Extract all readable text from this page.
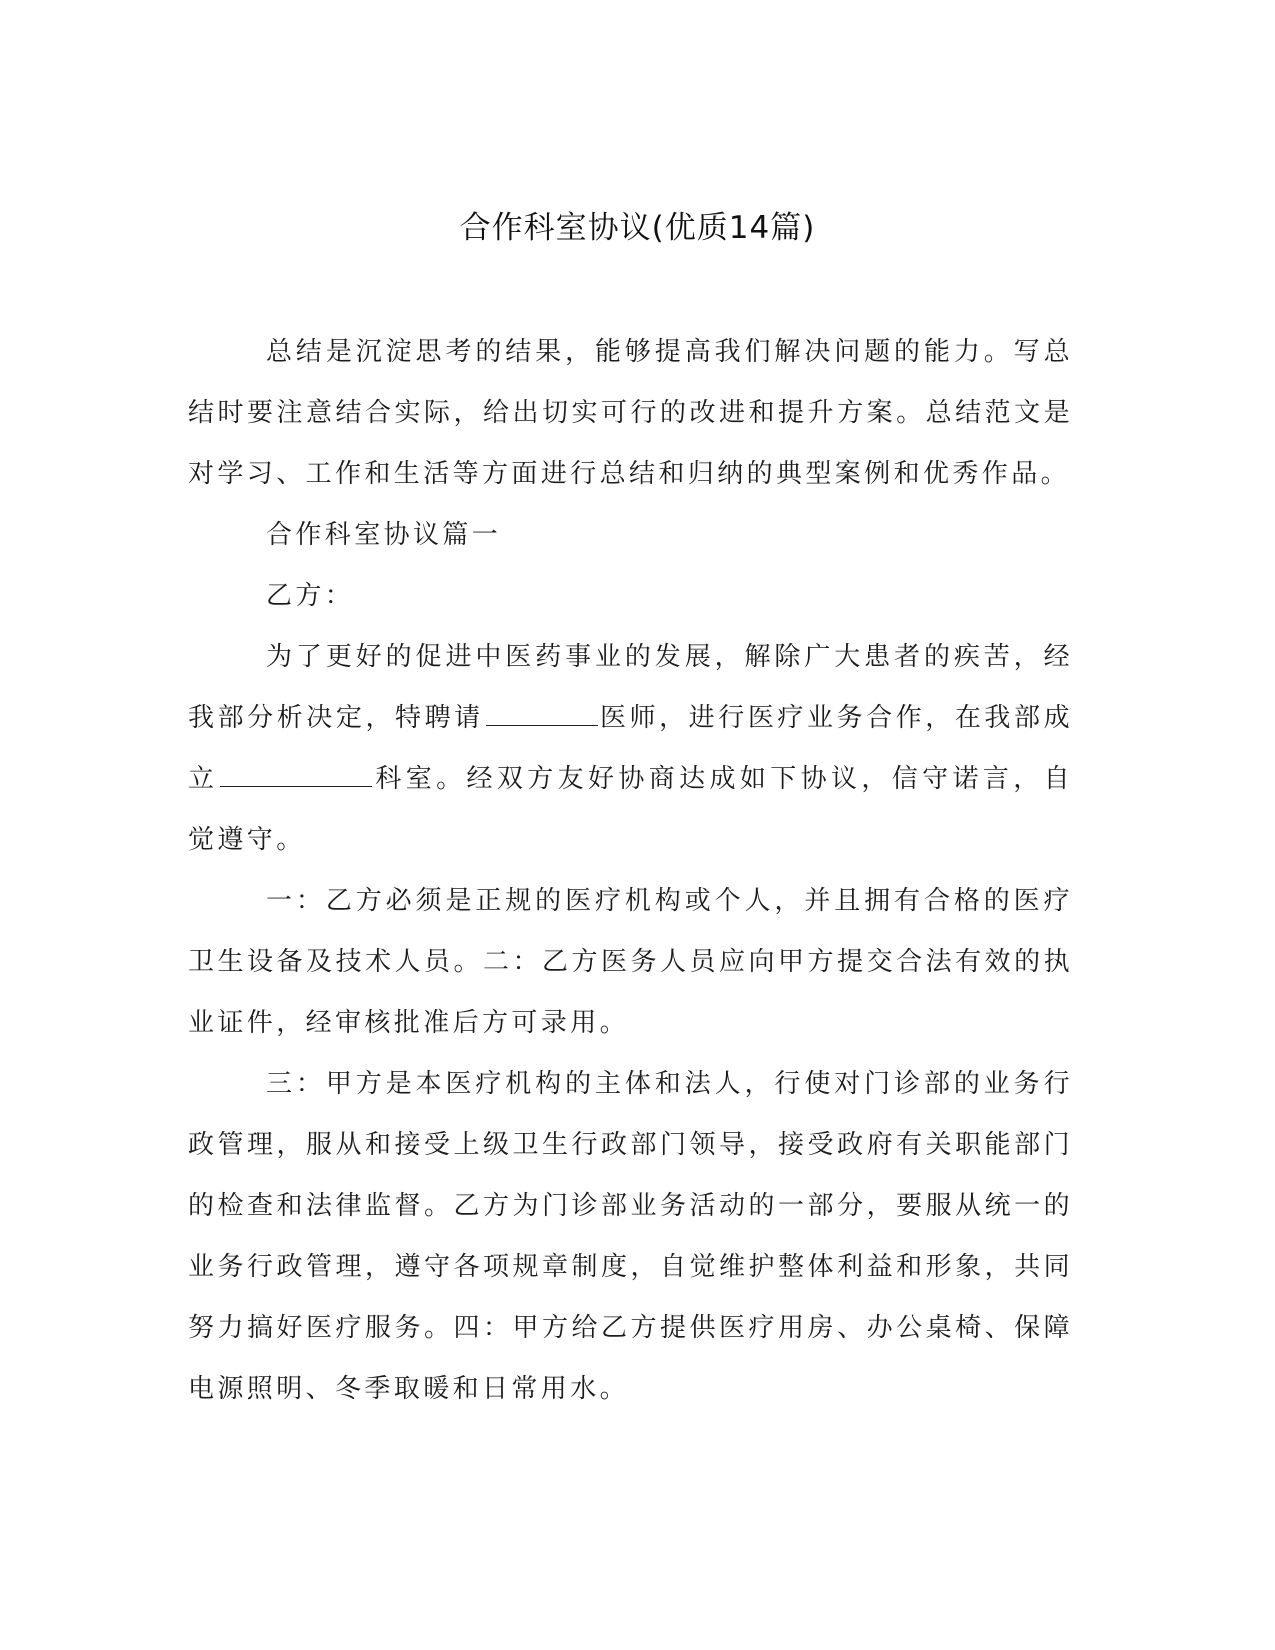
合作科室协议(优质14篇)

总结是沉淀思考的结果，能够提高我们解决问题的能力。写总结时要注意结合实际，给出切实可行的改进和提升方案。总结范文是对学习、工作和生活等方面进行总结和归纳的典型案例和优秀作品。

合作科室协议篇一

乙方：

为了更好的促进中医药事业的发展，解除广大患者的疾苦，经我部分析决定，特聘请	医师，进行医疗业务合作，在我部成立	科室。经双方友好协商达成如下协议，信守诺言，自觉遵守。

一：乙方必须是正规的医疗机构或个人，并且拥有合格的医疗卫生设备及技术人员。二：乙方医务人员应向甲方提交合法有效的执业证件，经审核批准后方可录用。

三：甲方是本医疗机构的主体和法人，行使对门诊部的业务行政管理，服从和接受上级卫生行政部门领导，接受政府有关职能部门的检查和法律监督。乙方为门诊部业务活动的一部分，要服从统一的业务行政管理，遵守各项规章制度，自觉维护整体利益和形象，共同努力搞好医疗服务。四：甲方给乙方提供医疗用房、办公桌椅、保障电源照明、冬季取暖和日常用水。
